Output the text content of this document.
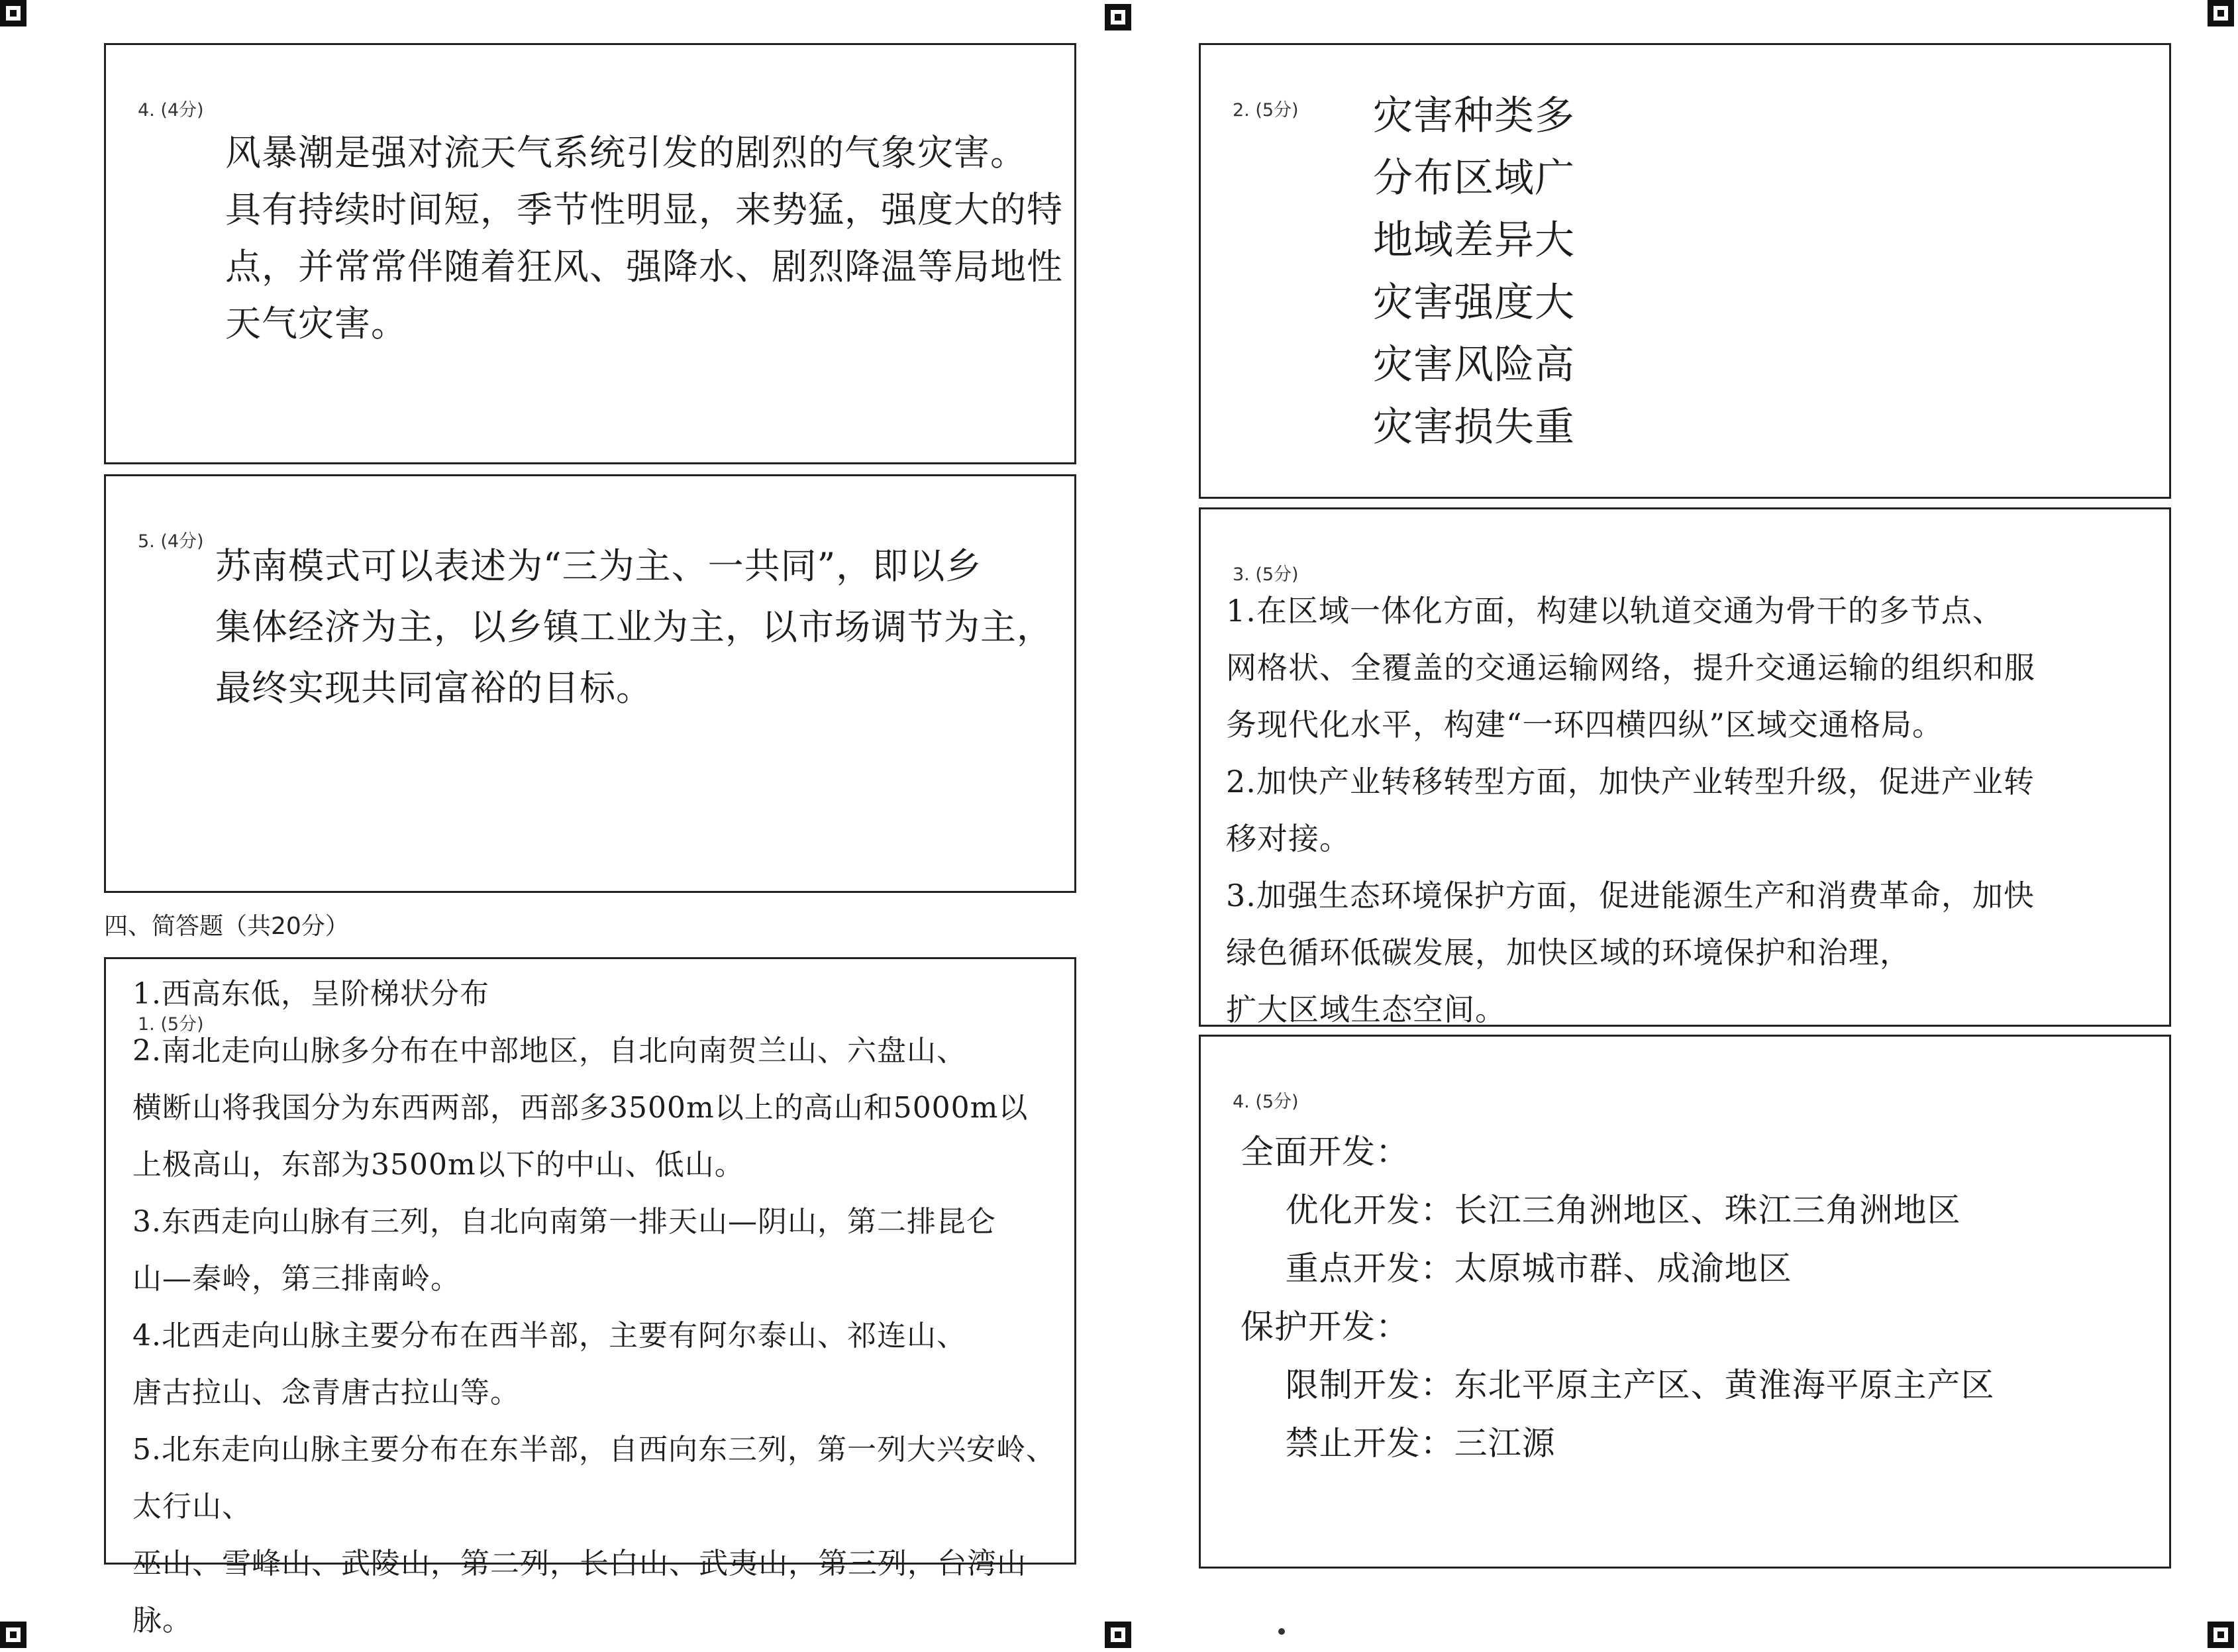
4. (4分)
风暴潮是强对流天气系统引发的剧烈的气象灾害。
具有持续时间短，季节性明显，来势猛，强度大的特
点，并常常伴随着狂风、强降水、剧烈降温等局地性
天气灾害。
5. (4分)
苏南模式可以表述为“三为主、一共同”，即以乡
集体经济为主，以乡镇工业为主，以市场调节为主，
最终实现共同富裕的目标。
四、简答题（共20分）
1. (5分)
1.西高东低，呈阶梯状分布
2.南北走向山脉多分布在中部地区，自北向南贺兰山、六盘山、
横断山将我国分为东西两部，西部多3500m以上的高山和5000m以
上极高山，东部为3500m以下的中山、低山。
3.东西走向山脉有三列，自北向南第一排天山—阴山，第二排昆仑
山—秦岭，第三排南岭。
4.北西走向山脉主要分布在西半部，主要有阿尔泰山、祁连山、
唐古拉山、念青唐古拉山等。
5.北东走向山脉主要分布在东半部，自西向东三列，第一列大兴安岭、太行山、
巫山、雪峰山、武陵山，第二列，长白山、武夷山，第三列，台湾山脉。
2. (5分) 灾害种类多
分布区域广
地域差异大
灾害强度大
灾害风险高
灾害损失重
3. (5分)
1.在区域一体化方面，构建以轨道交通为骨干的多节点、
网格状、全覆盖的交通运输网络，提升交通运输的组织和服
务现代化水平，构建“一环四横四纵”区域交通格局。
2.加快产业转移转型方面，加快产业转型升级，促进产业转
移对接。
3.加强生态环境保护方面，促进能源生产和消费革命，加快
绿色循环低碳发展，加快区域的环境保护和治理，
扩大区域生态空间。
4. (5分)
全面开发：
优化开发：长江三角洲地区、珠江三角洲地区
重点开发：太原城市群、成渝地区
保护开发：
限制开发：东北平原主产区、黄淮海平原主产区
禁止开发：三江源
